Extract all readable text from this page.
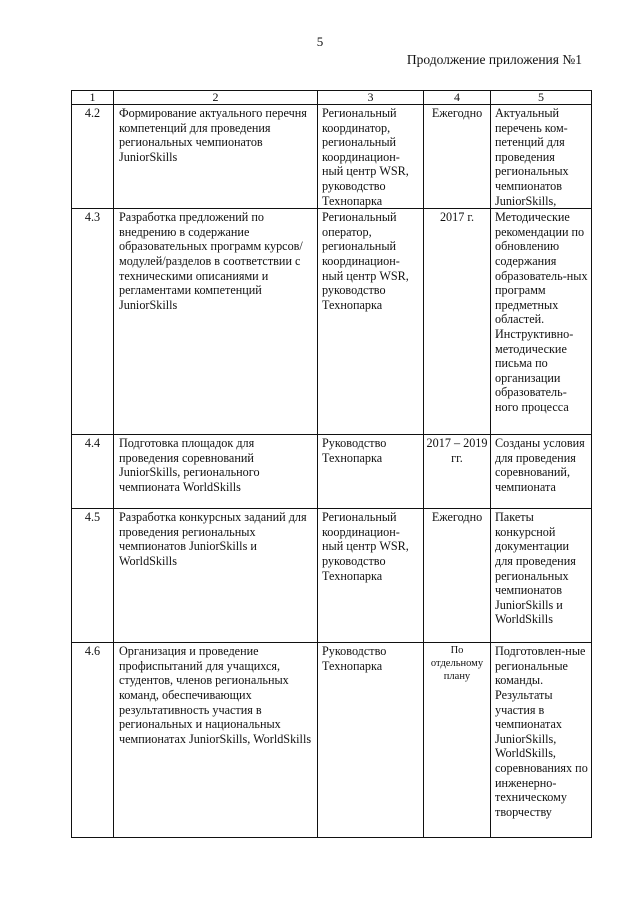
5
Продолжение приложения №1
1	2	3	4	5
4.2	Формирование актуального перечня компетенций для проведения региональных чемпионатов JuniorSkills	Региональный координатор, региональный координацион-ный центр WSR, руководство Технопарка	Ежегодно	Актуальный перечень ком-петенций для проведения региональных чемпионатов JuniorSkills,
4.3	Разработка предложений по внедрению в содержание образовательных программ курсов/модулей/разделов в соответствии с техническими описаниями и регламентами компетенций JuniorSkills	Региональный оператор, региональный координацион-ный центр WSR, руководство Технопарка	2017 г.	Методические рекомендации по обновлению содержания образователь-ных программ предметных областей. Инструктивно-методические письма по организации образователь-ного процесса
4.4	Подготовка площадок для проведения соревнований JuniorSkills, регионального чемпионата WorldSkills	Руководство Технопарка	2017 – 2019 гг.	Созданы условия для проведения соревнований, чемпионата
4.5	Разработка конкурсных заданий для проведения региональных чемпионатов JuniorSkills и WorldSkills	Региональный координацион-ный центр WSR, руководство Технопарка	Ежегодно	Пакеты конкурсной документации для проведения региональных чемпионатов JuniorSkills и WorldSkills
4.6	Организация и проведение профиспытаний для учащихся, студентов, членов региональных команд, обеспечивающих результативность участия в региональных и национальных чемпионатах JuniorSkills, WorldSkills	Руководство Технопарка	По отдельному плану	Подготовлен-ные региональные команды. Результаты участия в чемпионатах JuniorSkills, WorldSkills, соревнованиях по инженерно-техническому творчеству
